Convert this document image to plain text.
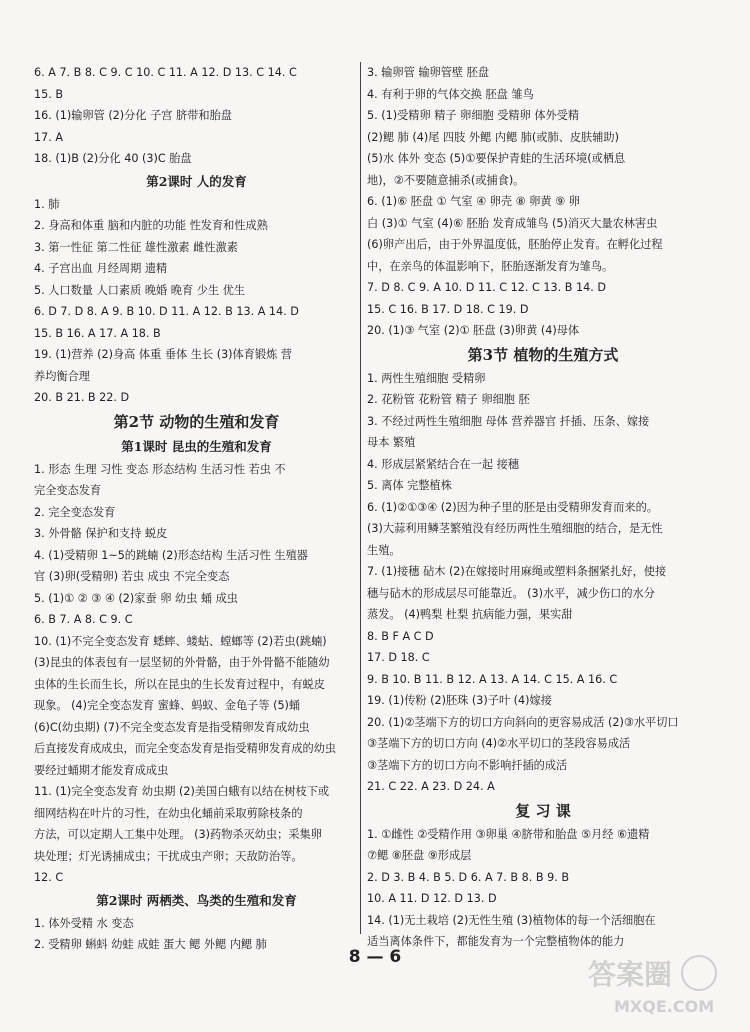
6. A 7. B 8. C 9. C 10. C 11. A 12. D 13. C 14. C
15. B
16. (1)输卵管 (2)分化 子宫 脐带和胎盘
17. A
18. (1)B (2)分化 40 (3)C 胎盘
第2课时 人的发育
1. 肺
2. 身高和体重 脑和内脏的功能 性发育和性成熟
3. 第一性征 第二性征 雄性激素 雌性激素
4. 子宫出血 月经周期 遗精
5. 人口数量 人口素质 晚婚 晚育 少生 优生
6. D 7. D 8. A 9. B 10. D 11. A 12. B 13. A 14. D
15. B 16. A 17. A 18. B
19. (1)营养 (2)身高 体重 垂体 生长 (3)体育锻炼 营
养均衡合理
20. B 21. B 22. D
第2节 动物的生殖和发育
第1课时 昆虫的生殖和发育
1. 形态 生理 习性 变态 形态结构 生活习性 若虫 不
完全变态发育
2. 完全变态发育
3. 外骨骼 保护和支持 蜕皮
4. (1)受精卵 1~5的跳蝻 (2)形态结构 生活习性 生殖器
官 (3)卵(受精卵) 若虫 成虫 不完全变态
5. (1)① ② ③ ④ (2)家蚕 卵 幼虫 蛹 成虫
6. B 7. A 8. C 9. C
10. (1)不完全变态发育 蟋蟀、蝼蛄、螳螂等 (2)若虫(跳蝻)
(3)昆虫的体表包有一层坚韧的外骨骼，由于外骨骼不能随幼
虫体的生长而生长，所以在昆虫的生长发育过程中，有蜕皮
现象。 (4)完全变态发育 蜜蜂、蚂蚁、金龟子等 (5)蛹
(6)C(幼虫期) (7)不完全变态发育是指受精卵发育成幼虫
后直接发育成成虫，而完全变态发育是指受精卵发育成的幼虫
要经过蛹期才能发育成成虫
11. (1)完全变态发育 幼虫期 (2)美国白蛾有以结在树枝下或
细网结构在叶片的习性，在幼虫化蛹前采取剪除枝条的
方法，可以定期人工集中处理。 (3)药物杀灭幼虫；采集卵
块处理；灯光诱捕成虫；干扰成虫产卵；天敌防治等。
12. C
第2课时 两栖类、鸟类的生殖和发育
1. 体外受精 水 变态
2. 受精卵 蝌蚪 幼蛙 成蛙 蛋大 鳃 外鳃 内鳃 肺
3. 输卵管 输卵管壁 胚盘
4. 有利于卵的气体交换 胚盘 雏鸟
5. (1)受精卵 精子 卵细胞 受精卵 体外受精
(2)鳃 肺 (4)尾 四肢 外鳃 内鳃 肺(或肺、皮肤辅助)
(5)水 体外 变态 (5)①要保护青蛙的生活环境(或栖息
地)，②不要随意捕杀(或捕食)。
6. (1)⑥ 胚盘 ① 气室 ④ 卵壳 ⑧ 卵黄 ⑨ 卵
白 (3)① 气室 (4)⑥ 胚胎 发育成雏鸟 (5)消灭大量农林害虫
(6)卵产出后，由于外界温度低，胚胎停止发育。在孵化过程
中，在亲鸟的体温影响下，胚胎逐渐发育为雏鸟。
7. D 8. C 9. A 10. D 11. C 12. C 13. B 14. D
15. C 16. B 17. D 18. C 19. D
20. (1)③ 气室 (2)① 胚盘 (3)卵黄 (4)母体
第3节 植物的生殖方式
1. 两性生殖细胞 受精卵
2. 花粉管 花粉管 精子 卵细胞 胚
3. 不经过两性生殖细胞 母体 营养器官 扦插、压条、嫁接
母本 繁殖
4. 形成层紧紧结合在一起 接穗
5. 离体 完整植株
6. (1)②①③④ (2)因为种子里的胚是由受精卵发育而来的。
(3)大蒜利用鳞茎繁殖没有经历两性生殖细胞的结合，是无性
生殖。
7. (1)接穗 砧木 (2)在嫁接时用麻绳或塑料条捆紧扎好，使接
穗与砧木的形成层尽可能靠近。 (3)水平，减少伤口的水分
蒸发。 (4)鸭梨 杜梨 抗病能力强，果实甜
8. B F A C D
17. D 18. C
9. B 10. B 11. B 12. A 13. A 14. C 15. A 16. C
19. (1)传粉 (2)胚珠 (3)子叶 (4)嫁接
20. (1)②茎端下方的切口方向斜向的更容易成活 (2)③水平切口
③茎端下方的切口方向 (4)②水平切口的茎段容易成活
③茎端下方的切口方向不影响扦插的成活
21. C 22. A 23. D 24. A
复 习 课
1. ①雌性 ②受精作用 ③卵巢 ④脐带和胎盘 ⑤月经 ⑥遗精
⑦鳃 ⑧胚盘 ⑨形成层
2. D 3. B 4. B 5. D 6. A 7. B 8. B 9. B
10. A 11. D 12. D 13. D
14. (1)无土栽培 (2)无性生殖 (3)植物体的每一个活细胞在
适当离体条件下，都能发育为一个完整植物体的能力
8 — 6
答案圈
MXQE.COM
